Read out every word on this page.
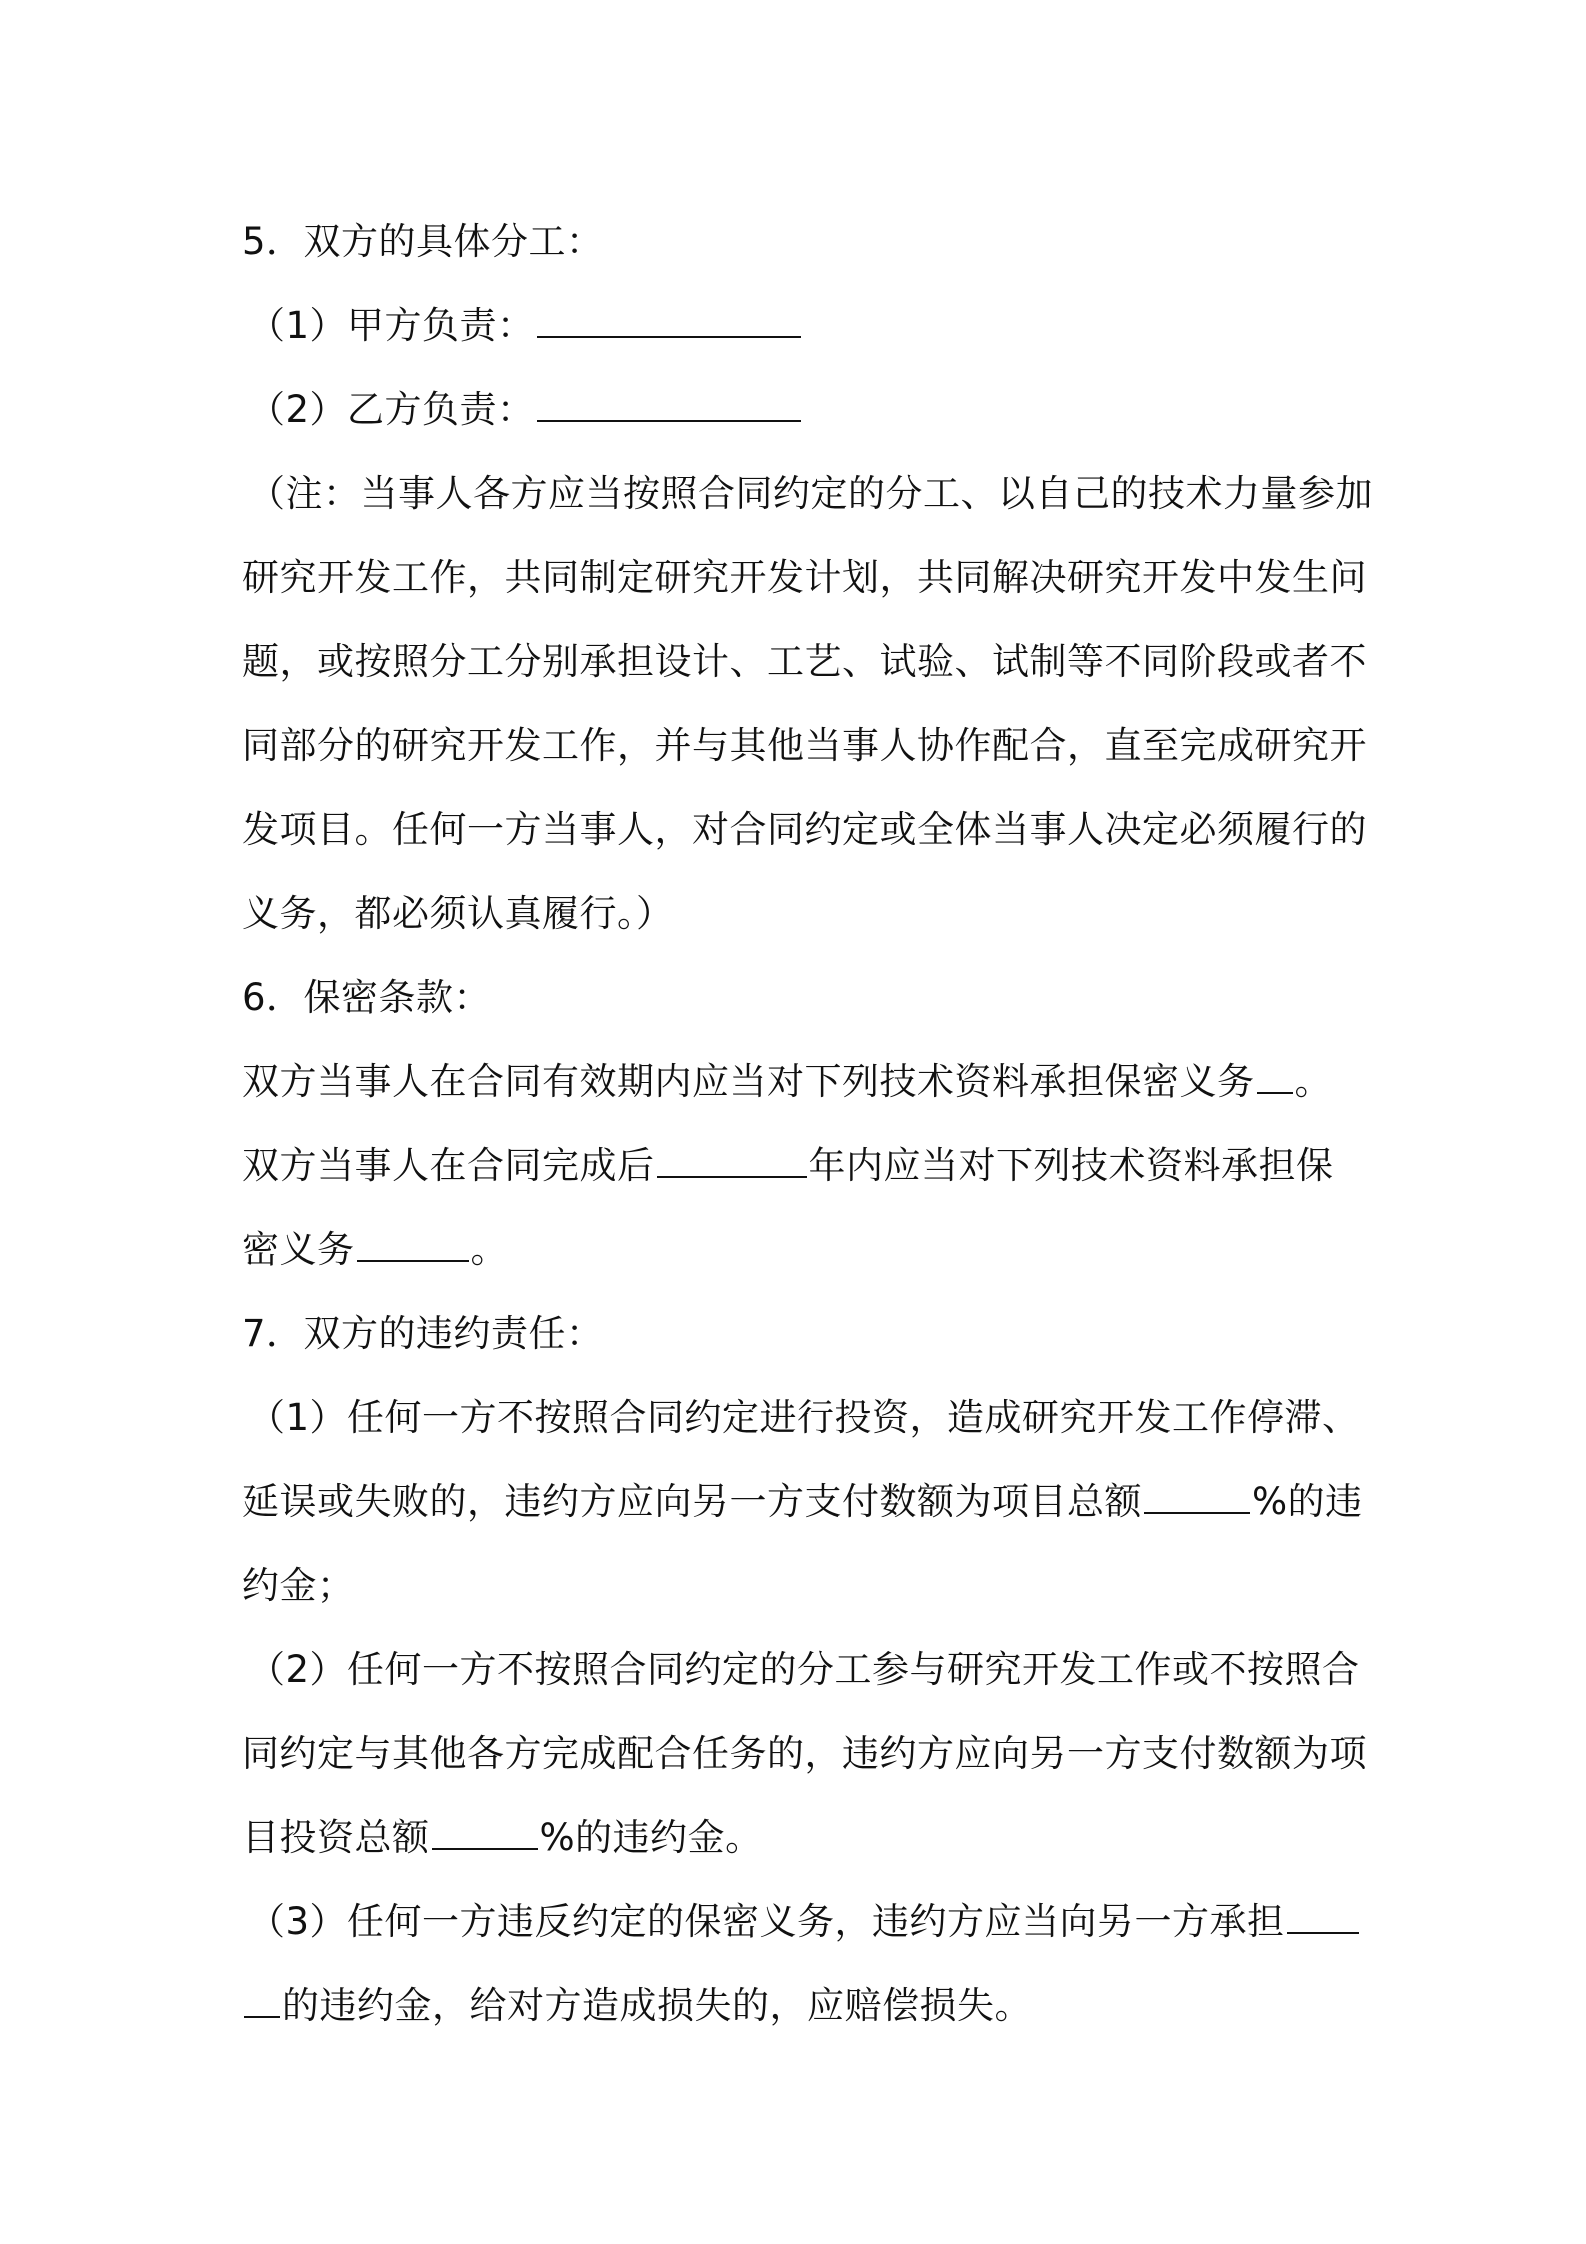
5．双方的具体分工：
（1）甲方负责：
（2）乙方负责：
（注：当事人各方应当按照合同约定的分工、以自己的技术力量参加
研究开发工作，共同制定研究开发计划，共同解决研究开发中发生问
题，或按照分工分别承担设计、工艺、试验、试制等不同阶段或者不
同部分的研究开发工作，并与其他当事人协作配合，直至完成研究开
发项目。任何一方当事人，对合同约定或全体当事人决定必须履行的
义务，都必须认真履行。）
6．保密条款：
双方当事人在合同有效期内应当对下列技术资料承担保密义务 。
双方当事人在合同完成后	年内应当对下列技术资料承担保
密义务	。
7．双方的违约责任：
（1）任何一方不按照合同约定进行投资，造成研究开发工作停滞、
延误或失败的，违约方应向另一方支付数额为项目总额	%的违
约金；
（2）任何一方不按照合同约定的分工参与研究开发工作或不按照合
同约定与其他各方完成配合任务的，违约方应向另一方支付数额为项
目投资总额	%的违约金。
（3）任何一方违反约定的保密义务，违约方应当向另一方承担
的违约金，给对方造成损失的，应赔偿损失。
